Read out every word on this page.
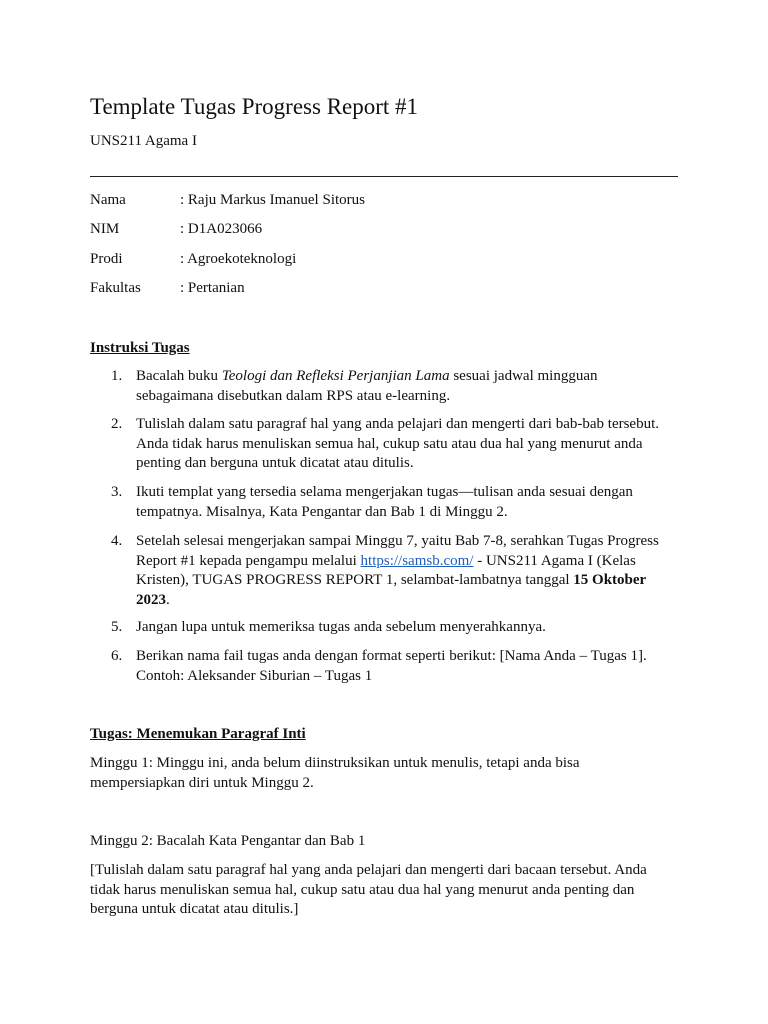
Template Tugas Progress Report #1
UNS211 Agama I
Nama	: Raju Markus Imanuel Sitorus
NIM	: D1A023066
Prodi	: Agroekoteknologi
Fakultas	: Pertanian
Instruksi Tugas
1. Bacalah buku Teologi dan Refleksi Perjanjian Lama sesuai jadwal mingguan sebagaimana disebutkan dalam RPS atau e-learning.
2. Tulislah dalam satu paragraf hal yang anda pelajari dan mengerti dari bab-bab tersebut. Anda tidak harus menuliskan semua hal, cukup satu atau dua hal yang menurut anda penting dan berguna untuk dicatat atau ditulis.
3. Ikuti templat yang tersedia selama mengerjakan tugas—tulisan anda sesuai dengan tempatnya. Misalnya, Kata Pengantar dan Bab 1 di Minggu 2.
4. Setelah selesai mengerjakan sampai Minggu 7, yaitu Bab 7-8, serahkan Tugas Progress Report #1 kepada pengampu melalui https://samsb.com/ - UNS211 Agama I (Kelas Kristen), TUGAS PROGRESS REPORT 1, selambat-lambatnya tanggal 15 Oktober 2023.
5. Jangan lupa untuk memeriksa tugas anda sebelum menyerahkannya.
6. Berikan nama fail tugas anda dengan format seperti berikut: [Nama Anda – Tugas 1]. Contoh: Aleksander Siburian – Tugas 1
Tugas: Menemukan Paragraf Inti
Minggu 1: Minggu ini, anda belum diinstruksikan untuk menulis, tetapi anda bisa mempersiapkan diri untuk Minggu 2.
Minggu 2: Bacalah Kata Pengantar dan Bab 1
[Tulislah dalam satu paragraf hal yang anda pelajari dan mengerti dari bacaan tersebut. Anda tidak harus menuliskan semua hal, cukup satu atau dua hal yang menurut anda penting dan berguna untuk dicatat atau ditulis.]
